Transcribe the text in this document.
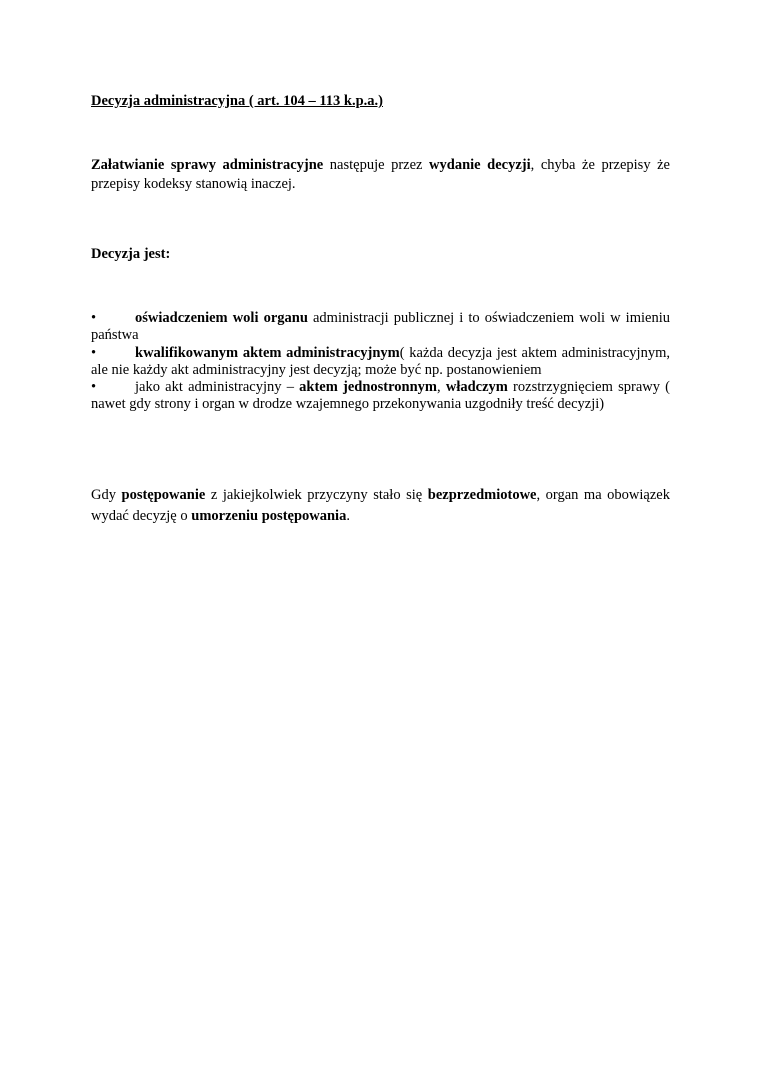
Decyzja administracyjna ( art. 104 – 113 k.p.a.)
Załatwianie sprawy administracyjne następuje przez wydanie decyzji, chyba że przepisy że przepisy kodeksy stanowią inaczej.
Decyzja jest:
•	oświadczeniem woli organu administracji publicznej i to oświadczeniem woli w imieniu państwa
•	kwalifikowanym aktem administracyjnym( każda decyzja jest aktem administracyjnym, ale nie każdy akt administracyjny jest decyzją; może być np. postanowieniem
•	jako akt administracyjny – aktem jednostronnym, władczym rozstrzygnięciem sprawy ( nawet gdy strony i organ w drodze wzajemnego przekonywania uzgodniły treść decyzji)
Gdy postępowanie z jakiejkolwiek przyczyny stało się bezprzedmiotowe, organ ma obowiązek wydać decyzję o umorzeniu postępowania.
